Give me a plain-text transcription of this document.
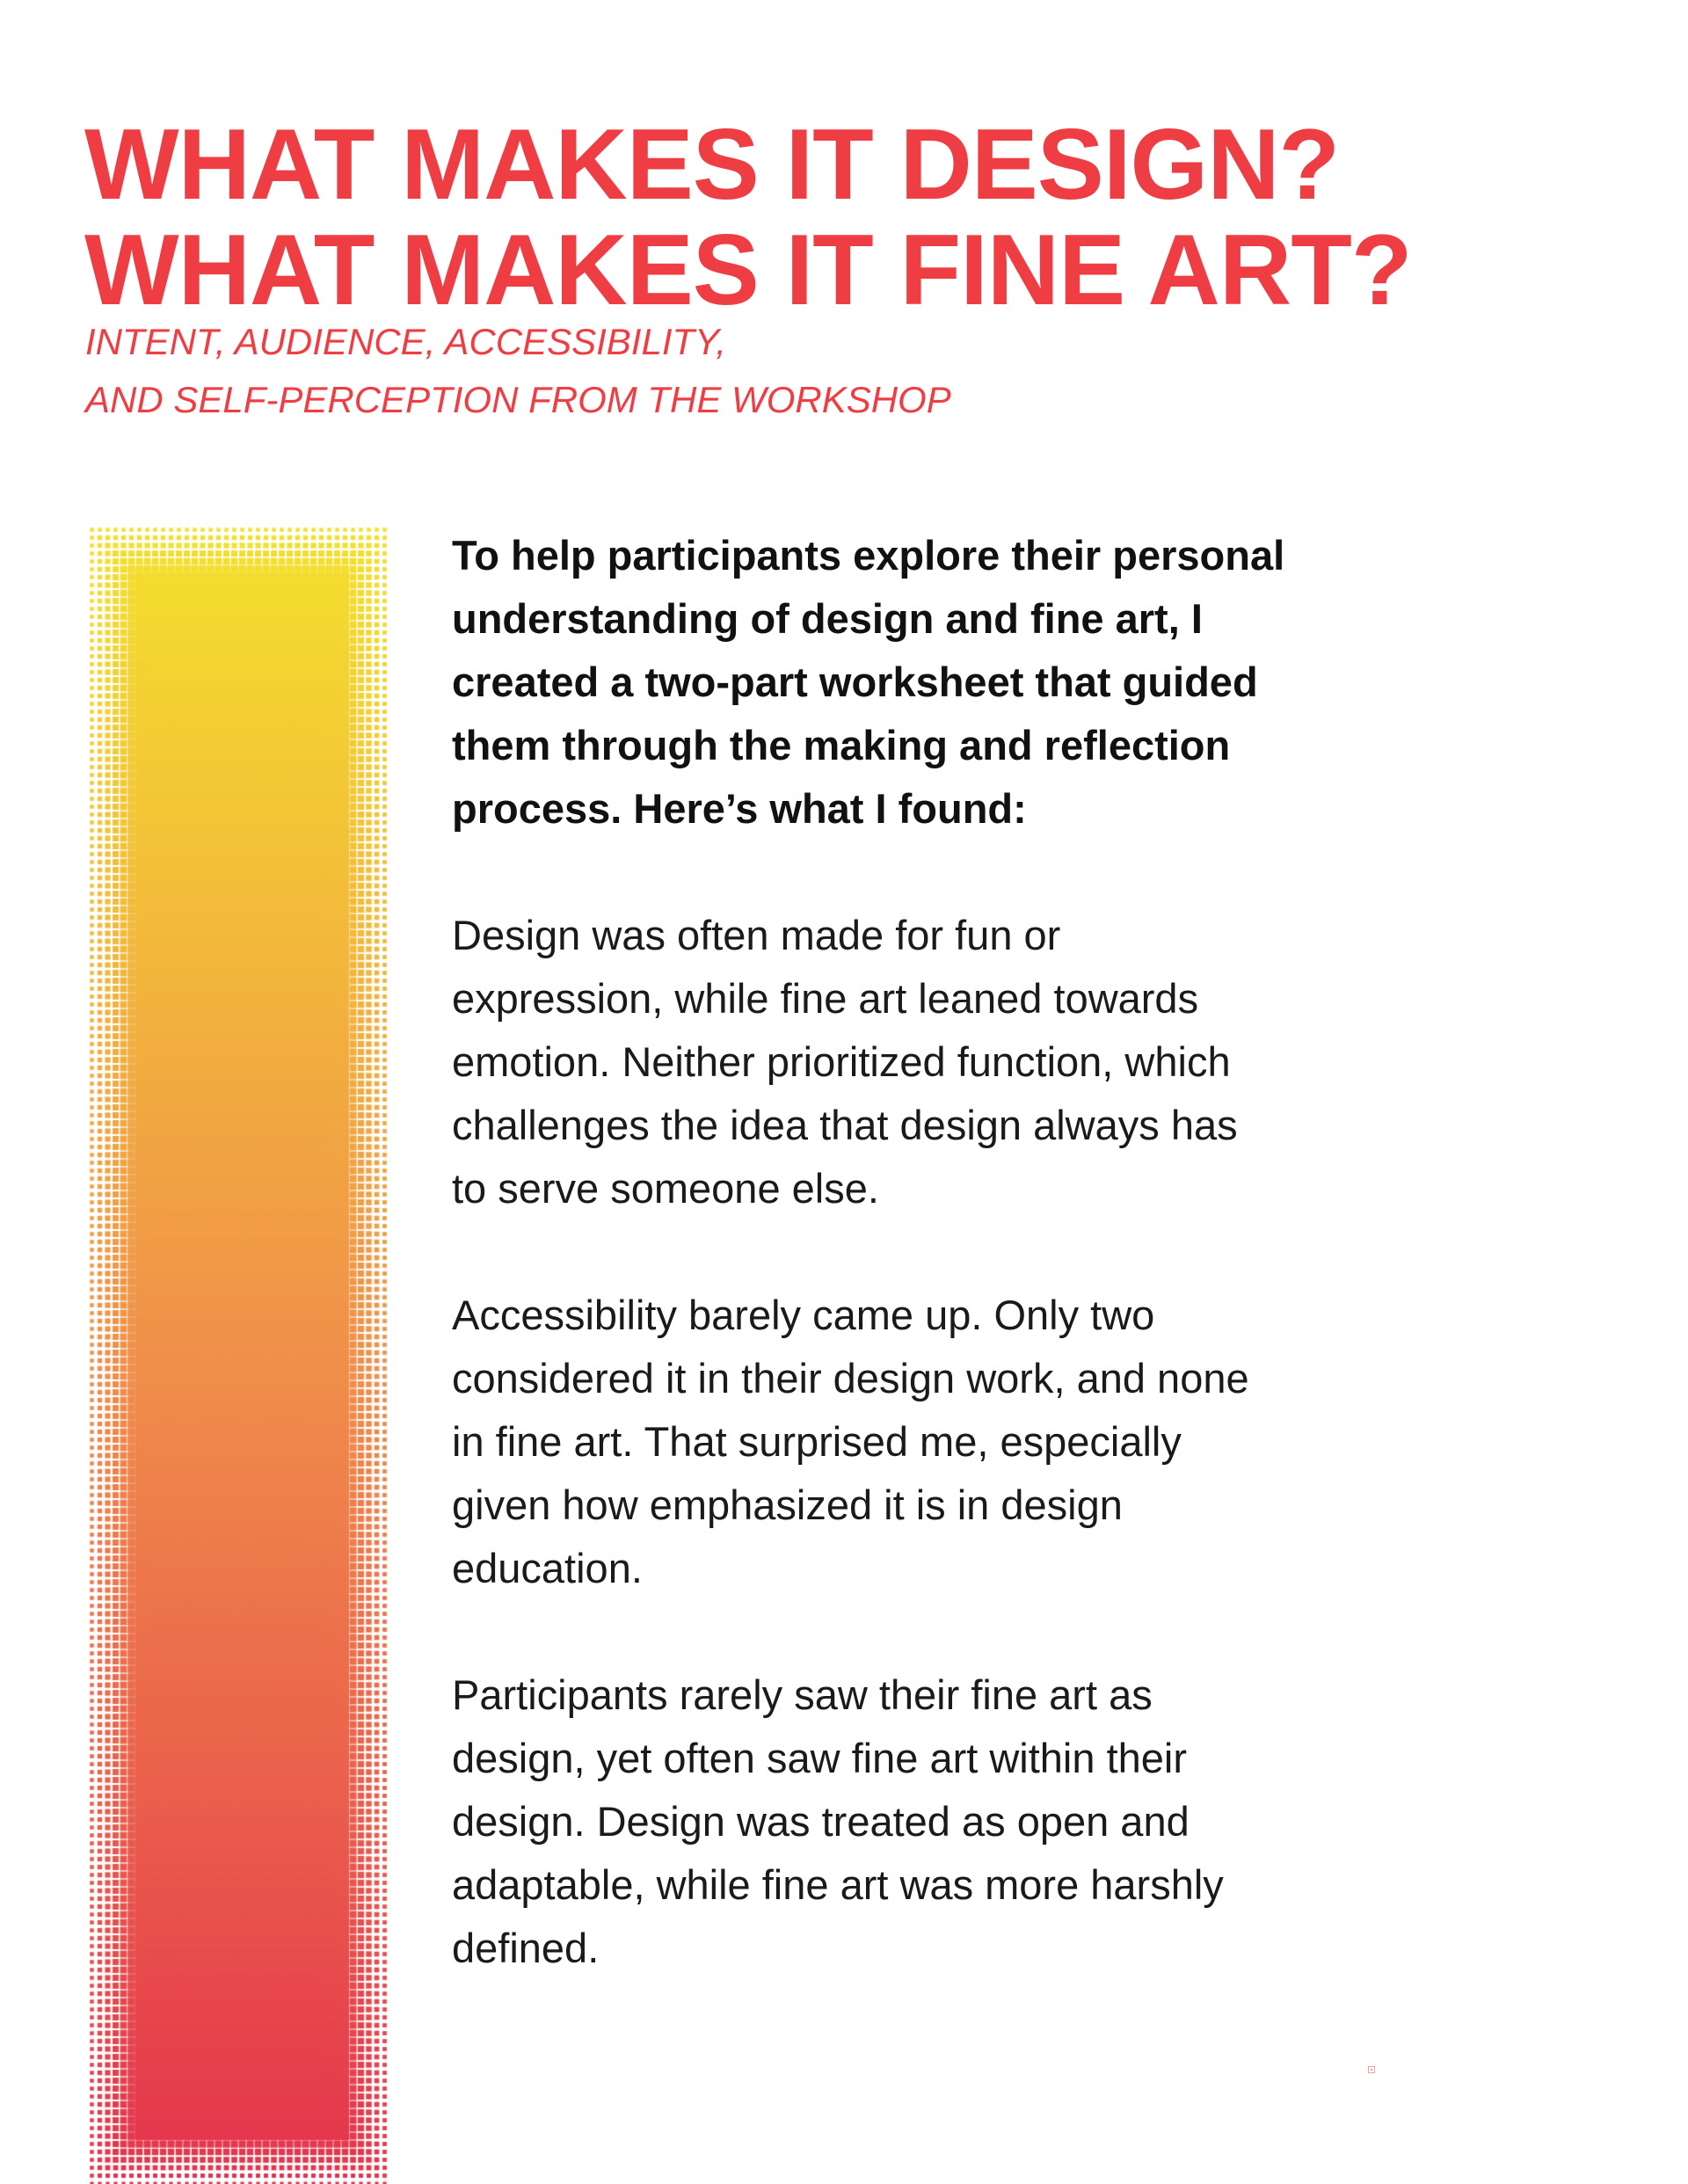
WHAT MAKES IT DESIGN?
WHAT MAKES IT FINE ART?
INTENT, AUDIENCE, ACCESSIBILITY,
AND SELF-PERCEPTION FROM THE WORKSHOP

To help participants explore their personal
understanding of design and fine art, I
created a two-part worksheet that guided
them through the making and reflection
process. Here’s what I found:

Design was often made for fun or
expression, while fine art leaned towards
emotion. Neither prioritized function, which
challenges the idea that design always has
to serve someone else.

Accessibility barely came up. Only two
considered it in their design work, and none
in fine art. That surprised me, especially
given how emphasized it is in design
education.

Participants rarely saw their fine art as
design, yet often saw fine art within their
design. Design was treated as open and
adaptable, while fine art was more harshly
defined.
